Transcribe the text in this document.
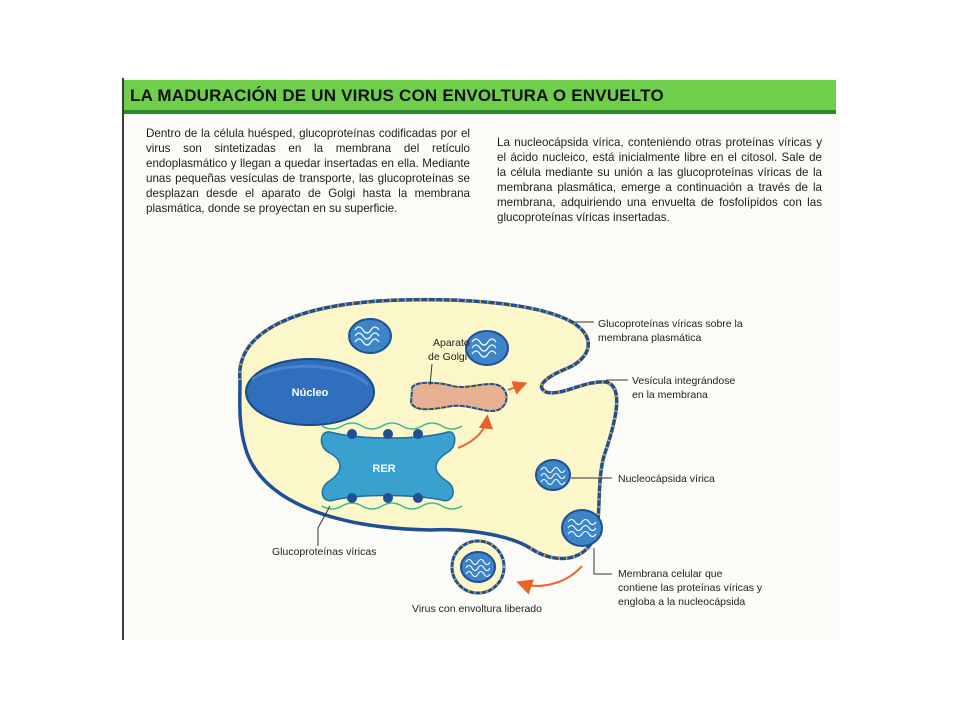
LA MADURACIÓN DE UN VIRUS CON ENVOLTURA O ENVUELTO
Dentro de la célula huésped, glucoproteínas codificadas por el virus son sintetizadas en la membrana del retículo endoplasmático y llegan a quedar insertadas en ella. Mediante unas pequeñas vesículas de transporte, las glucoproteínas se desplazan desde el aparato de Golgi hasta la membrana plasmática, donde se proyectan en su superficie.
La nucleocápsida vírica, conteniendo otras proteínas víricas y el ácido nucleico, está inicialmente libre en el citosol. Sale de la célula mediante su unión a las glucoproteínas víricas de la membrana plasmática, emerge a continuación a través de la membrana, adquiriendo una envuelta de fosfolípidos con las glucoproteínas víricas insertadas.
Núcleo
Aparato
de Golgi
RER
Glucoproteínas víricas sobre la
membrana plasmática
Vesícula integrándose
en la membrana
Nucleocápsida vírica
Membrana celular que
contiene las proteínas víricas y
engloba a la nucleocápsida
Glucoproteínas víricas
Virus con envoltura liberado
